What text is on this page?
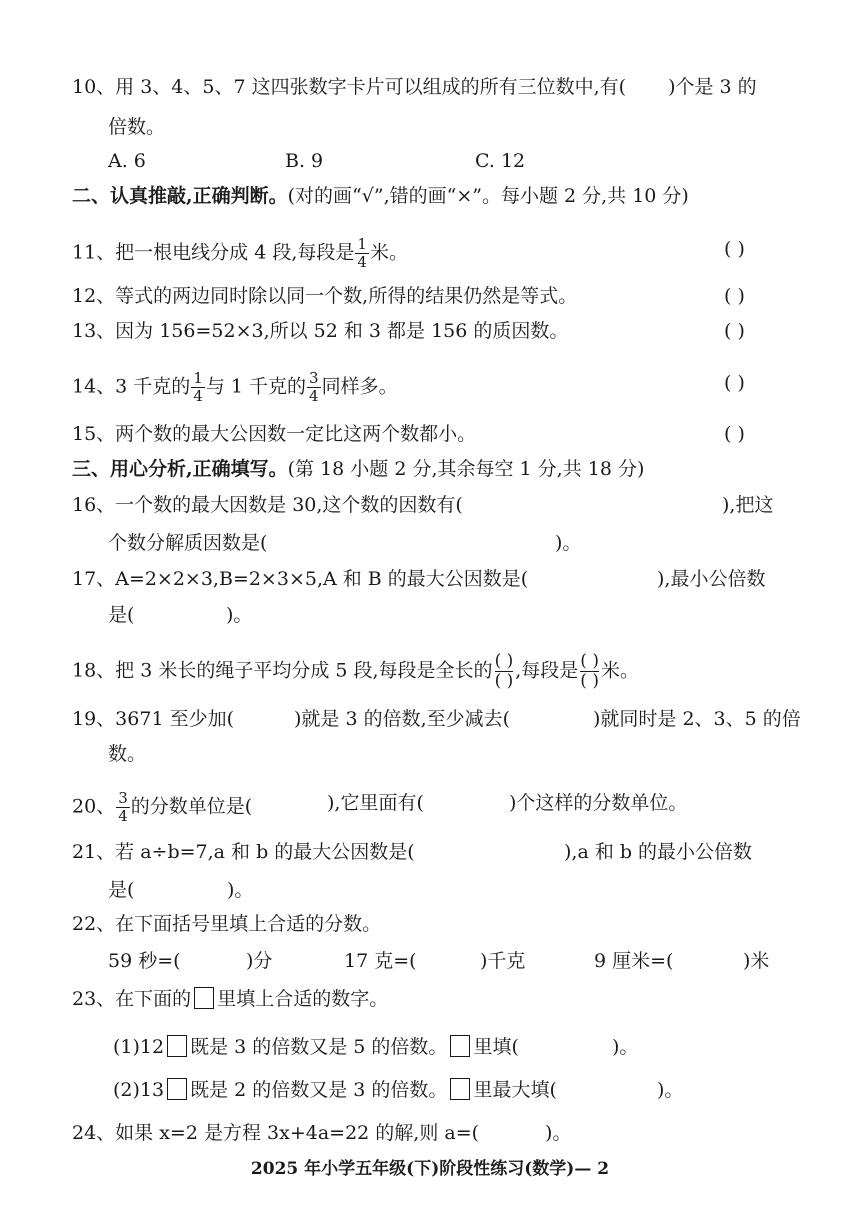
10、用 3、4、5、7 这四张数字卡片可以组成的所有三位数中,有( )个是 3 的
倍数。
A. 6	B. 9	C. 12
二、认真推敲,正确判断。(对的画“√”,错的画“×”。每小题 2 分,共 10 分)
11、把一根电线分成 4 段,每段是 $\frac{1}{4}$ 米。	( )
12、等式的两边同时除以同一个数,所得的结果仍然是等式。	( )
13、因为 156=52×3,所以 52 和 3 都是 156 的质因数。	( )
14、3 千克的 $\frac{1}{4}$ 与 1 千克的 $\frac{3}{4}$ 同样多。	( )
15、两个数的最大公因数一定比这两个数都小。	( )
三、用心分析,正确填写。(第 18 小题 2 分,其余每空 1 分,共 18 分)
16、一个数的最大因数是 30,这个数的因数有(	),把这
个数分解质因数是(	)。
17、A=2×2×3,B=2×3×5,A 和 B 的最大公因数是(	),最小公倍数
是(	)。
18、把 3 米长的绳子平均分成 5 段,每段是全长的 $\frac{( )}{( )}$ ,每段是 $\frac{( )}{( )}$ 米。
19、3671 至少加(	)就是 3 的倍数,至少减去(	)就同时是 2、3、5 的倍
数。
20、 $\frac{3}{4}$ 的分数单位是(	),它里面有(	)个这样的分数单位。
21、若 a÷b=7,a 和 b 的最大公因数是(	),a 和 b 的最小公倍数
是(	)。
22、在下面括号里填上合适的分数。
59 秒=(	)分	17 克=(	)千克	9 厘米=(	)米
23、在下面的 里填上合适的数字。
(1)12 既是 3 的倍数又是 5 的倍数。 里填(	)。
(2)13 既是 2 的倍数又是 3 的倍数。 里最大填(	)。
24、如果 x=2 是方程 3x+4a=22 的解,则 a=(	)。
2025 年小学五年级(下)阶段性练习(数学)— 2
